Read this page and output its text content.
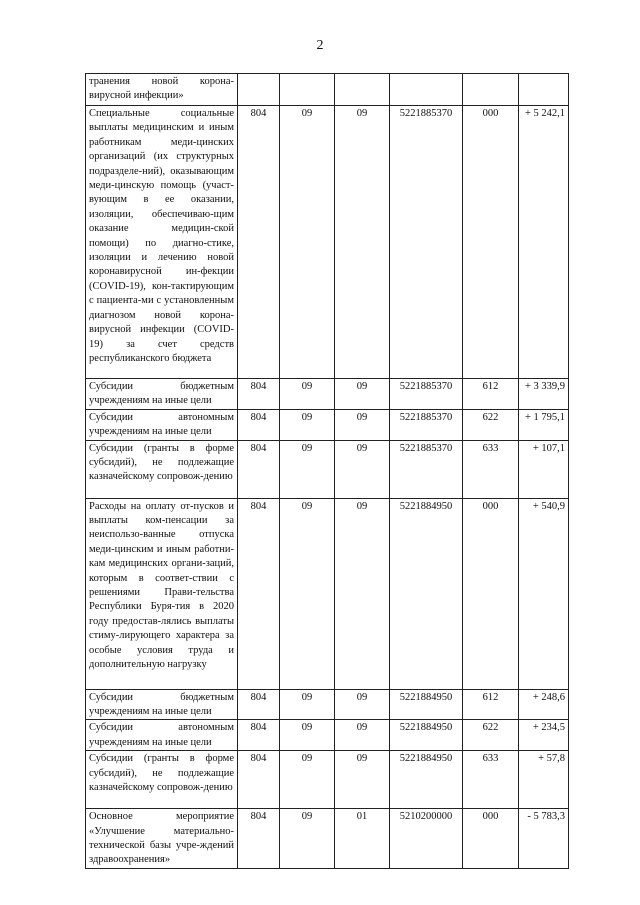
2
транения новой корона-вирусной инфекции»						
Специальные социальные выплаты медицинским и иным работникам меди-цинских организаций (их структурных подразделе-ний), оказывающим меди-цинскую помощь (участ-вующим в ее оказании, изоляции, обеспечиваю-щим оказание медицин-ской помощи) по диагно-стике, изоляции и лечению новой коронавирусной ин-фекции (COVID-19), кон-тактирующим с пациента-ми с установленным диагнозом новой корона-вирусной инфекции (COVID-19) за счет средств республиканского бюджета	804	09	09	5221885370	000	+ 5 242,1
Субсидии бюджетным учреждениям на иные цели	804	09	09	5221885370	612	+ 3 339,9
Субсидии автономным учреждениям на иные цели	804	09	09	5221885370	622	+ 1 795,1
Субсидии (гранты в форме субсидий), не подлежащие казначейскому сопровож-дению	804	09	09	5221885370	633	+ 107,1
Расходы на оплату от-пусков и выплаты ком-пенсации за неиспользо-ванные отпуска меди-цинским и иным работни-кам медицинских органи-заций, которым в соответ-ствии с решениями Прави-тельства Республики Буря-тия в 2020 году предостав-лялись выплаты стиму-лирующего характера за особые условия труда и дополнительную нагрузку	804	09	09	5221884950	000	+ 540,9
Субсидии бюджетным учреждениям на иные цели	804	09	09	5221884950	612	+ 248,6
Субсидии автономным учреждениям на иные цели	804	09	09	5221884950	622	+ 234,5
Субсидии (гранты в форме субсидий), не подлежащие казначейскому сопровож-дению	804	09	09	5221884950	633	+ 57,8
Основное мероприятие «Улучшение материально-технической базы учре-ждений здравоохранения»	804	09	01	5210200000	000	- 5 783,3
